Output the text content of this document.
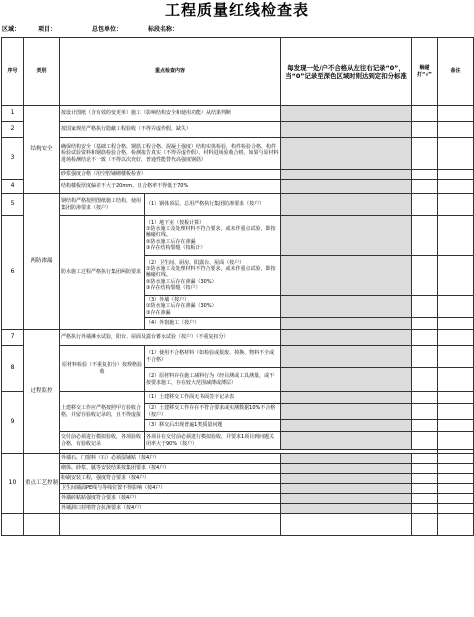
工程质量红线检查表
区域：	项目：	总包单位：	标段名称：
序号	类别	重点检查内容		每发现一处/户不合格从左往右记录“0”，当“0”记录至深色区域时则达到定扣分标准	触碰打“√”	备注	
1	结构安全	按设计图纸（含有效的变更单）施工（影响结构安全和使用功能）从结果判断			

2		按国家规范严格执行隐蔽工程验收（不得弄虚作假，缺失）			

3		确保结构安全（基础工程合格、钢筋工程合格、混凝土强度）结构实体检验，构件检验合格、构件检验试验资料和钢筋检验合格，检测报告真实（不得弄虚作假）、材料进场验收合格，如果与原材料进场检测结论不一致（不得以次充好，普通性能替代高强度钢筋）			

		砂浆强度合格（用空腔铺砌楼板检查）			

4		结构楼板厚度偏差不大于20mm、且合格率不得低于70%			

5	两防渗漏	钢结构严格按照图纸施工结构，使用集团防渗要求（按户）	（1）钢体顶层、总用严格执行集团防渗要求（按户）		

6		防水施工过程严格执行集团两防要求	（1）地下室（按板计算）
①防水施工及处理材料不符合要求，或未作重点试验，即按触碰红线。
②防水施工后存在渗漏
③存在结构裂缝（按板计）		

			（2）卫生间、厨房、阳露台、屋面（按户）
①防水施工及处理材料不符合要求，或未作重点试验，即按触碰红线。
②防水施工后存在渗漏（30%）
③存在结构裂缝（按户）		

			（3）外墙（按户）
①防水施工后存在渗漏（30%）
③存在渗漏		

			（4）外窗施工（按户）		

7	过程监控	严格执行外墙淋水试验，阳台、屋面及露台蓄水试验（按户）（不重复扣分）			

8		原材料检验（不重复扣分）按规格验收	（1）使用不合格材料（如检验或报废、掉换、物料不全或不合格）		

			（2）原材料存在施工减料行为（经目测或工具测量，或不按要求施工，存在较大范围减薄或薄层）		

9		土建移交工作应严格按照甲方验收合格，并留存验收记录的，且不得虚报	（1）土建移交工作面无书面签字记录表		

			（2）土建移交工作存在不符合要求或实测数据10%不合格（按户）		

			（3）移交后出现普遍1类质量问题		

		交付前必须进行模拟验收，各项验收合格，有验收记录	各项目在交付前必须进行模拟验收，并要求1项目到问题关闭率大于90%（按户）		

10	重点工艺控制	外墙石、门窗料（石）必须湿铺贴（按4户）			

		砌体、砂浆、腻等安装结果按集团要求（按4户）			

		粉刷安装工程，强度符合要求（按4户）			

		卫生间墙面PE线与等线位置不得影响（按4户）			

		外墙砖粘贴强度符合要求（按4户）			

		外墙洞口封堵符合抗渗要求（按4户）			
